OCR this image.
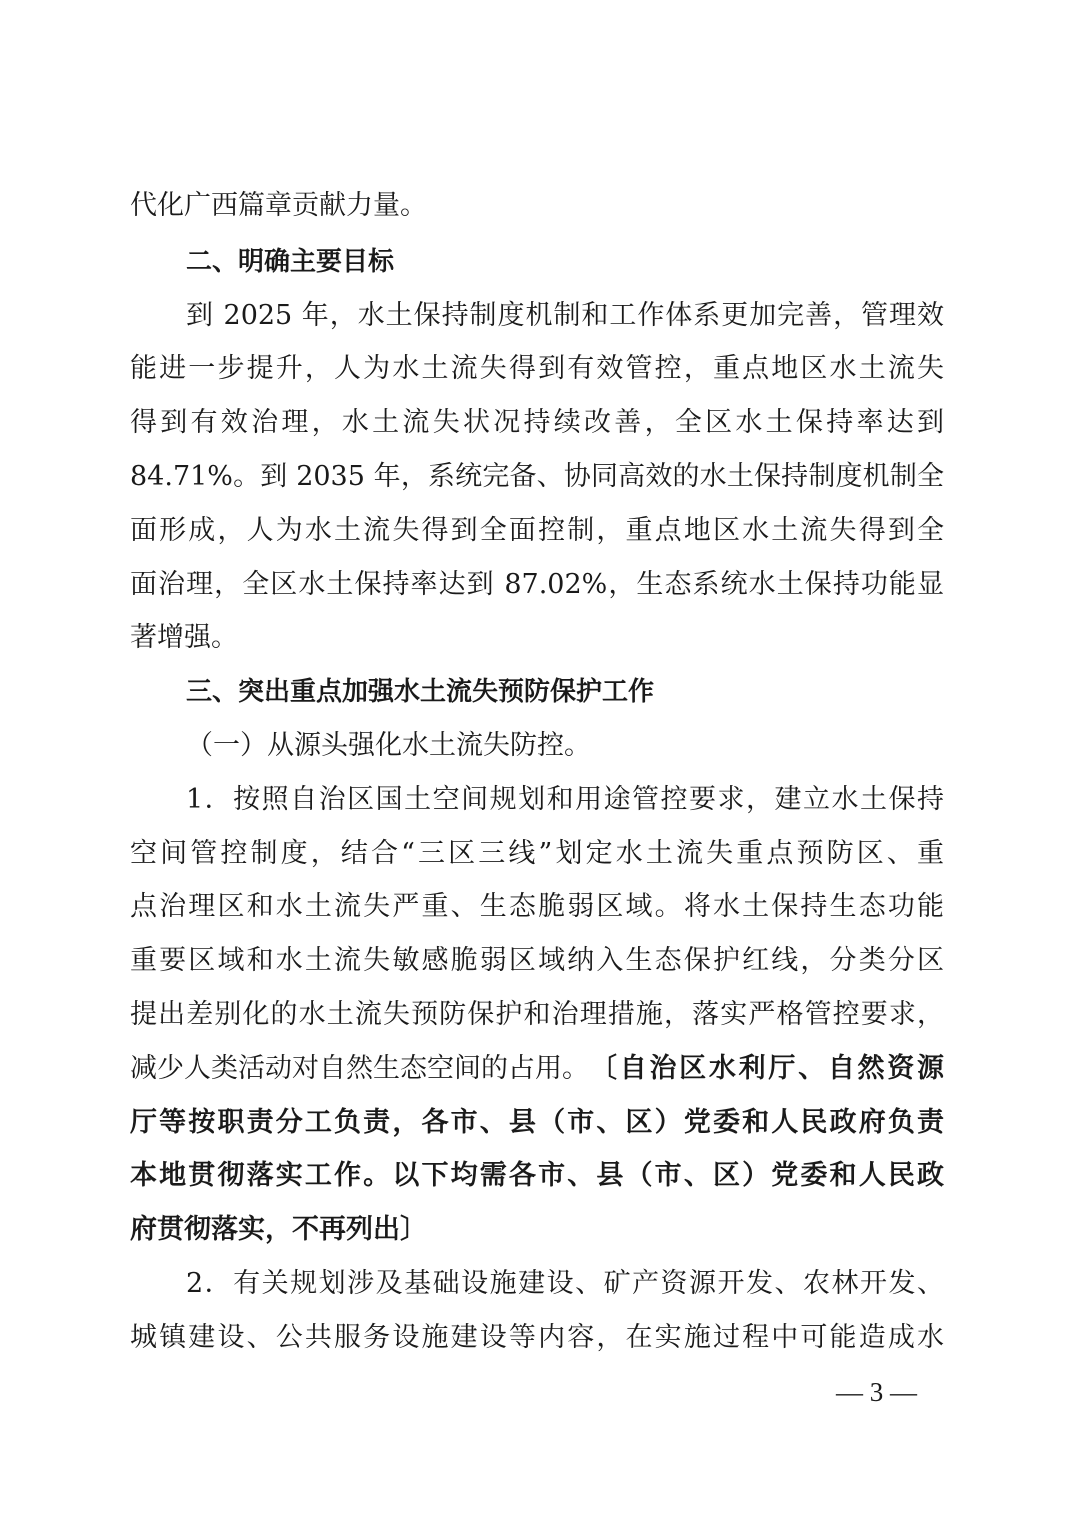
代化广西篇章贡献力量。
二、明确主要目标
到 2025 年，水土保持制度机制和工作体系更加完善，管理效
能进一步提升，人为水土流失得到有效管控，重点地区水土流失
得到有效治理，水土流失状况持续改善，全区水土保持率达到
84.71%。到 2035 年，系统完备、协同高效的水土保持制度机制全
面形成，人为水土流失得到全面控制，重点地区水土流失得到全
面治理，全区水土保持率达到 87.02%，生态系统水土保持功能显
著增强。
三、突出重点加强水土流失预防保护工作
（一）从源头强化水土流失防控。
1．按照自治区国土空间规划和用途管控要求，建立水土保持
空间管控制度，结合“三区三线”划定水土流失重点预防区、重
点治理区和水土流失严重、生态脆弱区域。将水土保持生态功能
重要区域和水土流失敏感脆弱区域纳入生态保护红线，分类分区
提出差别化的水土流失预防保护和治理措施，落实严格管控要求，
减少人类活动对自然生态空间的占用。 〔自治区水利厅、自然资源
厅等按职责分工负责，各市、县（市、区）党委和人民政府负责
本地贯彻落实工作。以下均需各市、县（市、区）党委和人民政
府贯彻落实，不再列出〕
2．有关规划涉及基础设施建设、矿产资源开发、农林开发、
城镇建设、公共服务设施建设等内容，在实施过程中可能造成水
— 3 —
